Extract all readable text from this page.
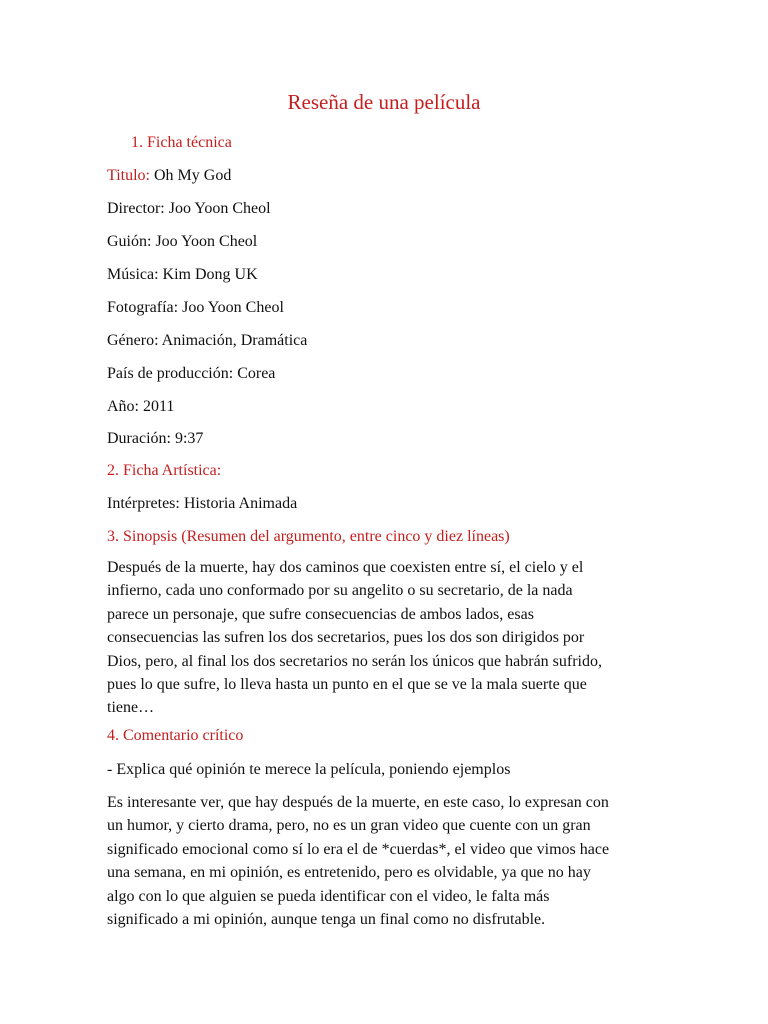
Reseña de una película
1. Ficha técnica
Titulo: Oh My God
Director: Joo Yoon Cheol
Guión: Joo Yoon Cheol
Música: Kim Dong UK
Fotografía: Joo Yoon Cheol
Género: Animación, Dramática
País de producción: Corea
Año: 2011
Duración: 9:37
2. Ficha Artística:
Intérpretes: Historia Animada
3. Sinopsis (Resumen del argumento, entre cinco y diez líneas)
Después de la muerte, hay dos caminos que coexisten entre sí, el cielo y el
infierno, cada uno conformado por su angelito o su secretario, de la nada
parece un personaje, que sufre consecuencias de ambos lados, esas
consecuencias las sufren los dos secretarios, pues los dos son dirigidos por
Dios, pero, al final los dos secretarios no serán los únicos que habrán sufrido,
pues lo que sufre, lo lleva hasta un punto en el que se ve la mala suerte que
tiene…
4. Comentario crítico
- Explica qué opinión te merece la película, poniendo ejemplos
Es interesante ver, que hay después de la muerte, en este caso, lo expresan con
un humor, y cierto drama, pero, no es un gran video que cuente con un gran
significado emocional como sí lo era el de *cuerdas*, el video que vimos hace
una semana, en mi opinión, es entretenido, pero es olvidable, ya que no hay
algo con lo que alguien se pueda identificar con el video, le falta más
significado a mi opinión, aunque tenga un final como no disfrutable.
